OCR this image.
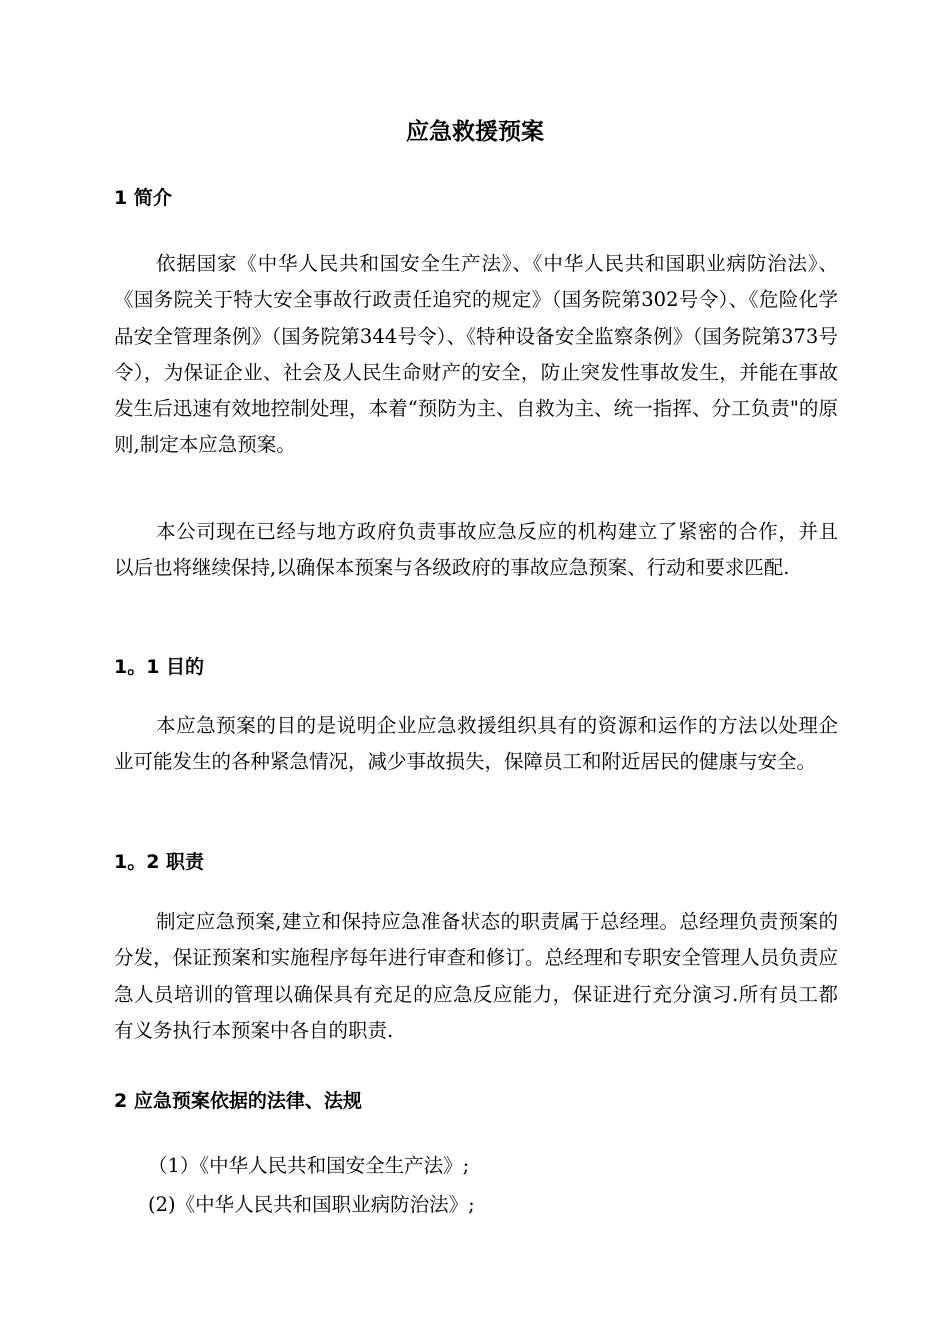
应急救援预案
1 简介

依据国家《中华人民共和国安全生产法》、《中华人民共和国职业病防治法》、《国务院关于特大安全事故行政责任追究的规定》（国务院第302号令）、《危险化学品安全管理条例》（国务院第344号令）、《特种设备安全监察条例》（国务院第373号令），为保证企业、社会及人民生命财产的安全，防止突发性事故发生，并能在事故发生后迅速有效地控制处理，本着“预防为主、自救为主、统一指挥、分工负责"的原则,制定本应急预案。

本公司现在已经与地方政府负责事故应急反应的机构建立了紧密的合作，并且以后也将继续保持,以确保本预案与各级政府的事故应急预案、行动和要求匹配.

1。1 目的

本应急预案的目的是说明企业应急救援组织具有的资源和运作的方法以处理企业可能发生的各种紧急情况，减少事故损失，保障员工和附近居民的健康与安全。

1。2 职责

制定应急预案,建立和保持应急准备状态的职责属于总经理。总经理负责预案的分发，保证预案和实施程序每年进行审查和修订。总经理和专职安全管理人员负责应急人员培训的管理以确保具有充足的应急反应能力，保证进行充分演习.所有员工都有义务执行本预案中各自的职责.

2 应急预案依据的法律、法规

（1）《中华人民共和国安全生产法》;

(2)《中华人民共和国职业病防治法》;
